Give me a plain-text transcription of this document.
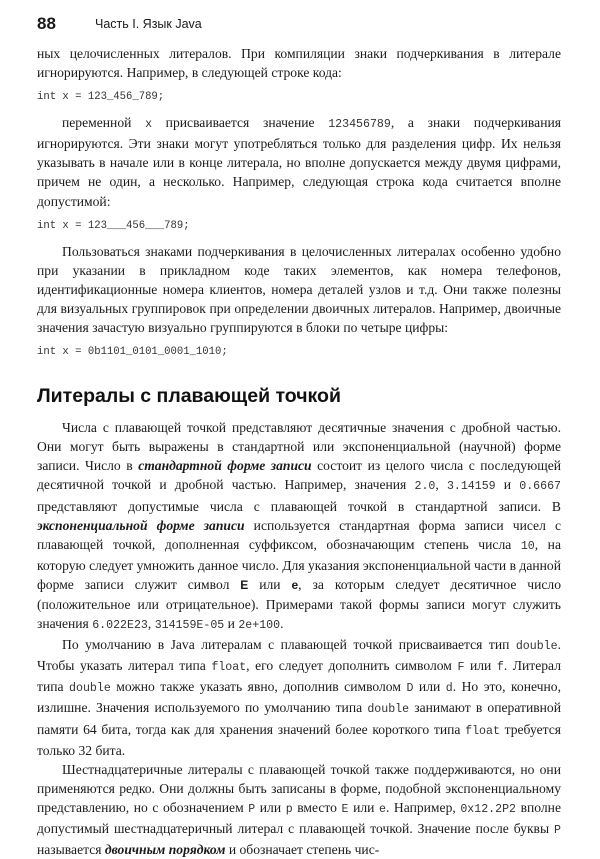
88	Часть I. Язык Java

ных целочисленных литералов. При компиляции знаки подчеркивания в литерале игнорируются. Например, в следующей строке кода:

int x = 123_456_789;

переменной x присваивается значение 123456789, а знаки подчеркивания игнорируются. Эти знаки могут употребляться только для разделения цифр. Их нельзя указывать в начале или в конце литерала, но вполне допускается между двумя цифрами, причем не один, а несколько. Например, следующая строка кода считается вполне допустимой:

int x = 123___456___789;

Пользоваться знаками подчеркивания в целочисленных литералах особенно удобно при указании в прикладном коде таких элементов, как номера телефонов, идентификационные номера клиентов, номера деталей узлов и т.д. Они также полезны для визуальных группировок при определении двоичных литералов. Например, двоичные значения зачастую визуально группируются в блоки по четыре цифры:

int x = 0b1101_0101_0001_1010;
Литералы с плавающей точкой

Числа с плавающей точкой представляют десятичные значения с дробной частью. Они могут быть выражены в стандартной или экспоненциальной (научной) форме записи. Число в стандартной форме записи состоит из целого числа с последующей десятичной точкой и дробной частью. Например, значения 2.0, 3.14159 и 0.6667 представляют допустимые числа с плавающей точкой в стандартной записи. В экспоненциальной форме записи используется стандартная форма записи чисел с плавающей точкой, дополненная суффиксом, обозначающим степень числа 10, на которую следует умножить данное число. Для указания экспоненциальной части в данной форме записи служит символ E или e, за которым следует десятичное число (положительное или отрицательное). Примерами такой формы записи могут служить значения 6.022E23, 314159E-05 и 2e+100.

По умолчанию в Java литералам с плавающей точкой присваивается тип double. Чтобы указать литерал типа float, его следует дополнить символом F или f. Литерал типа double можно также указать явно, дополнив символом D или d. Но это, конечно, излишне. Значения используемого по умолчанию типа double занимают в оперативной памяти 64 бита, тогда как для хранения значений более короткого типа float требуется только 32 бита.

Шестнадцатеричные литералы с плавающей точкой также поддерживаются, но они применяются редко. Они должны быть записаны в форме, подобной экспоненциальному представлению, но с обозначением P или p вместо E или e. Например, 0x12.2P2 вполне допустимый шестнадцатеричный литерал с плавающей точкой. Значение после буквы P называется двоичным порядком и обозначает степень чис-
